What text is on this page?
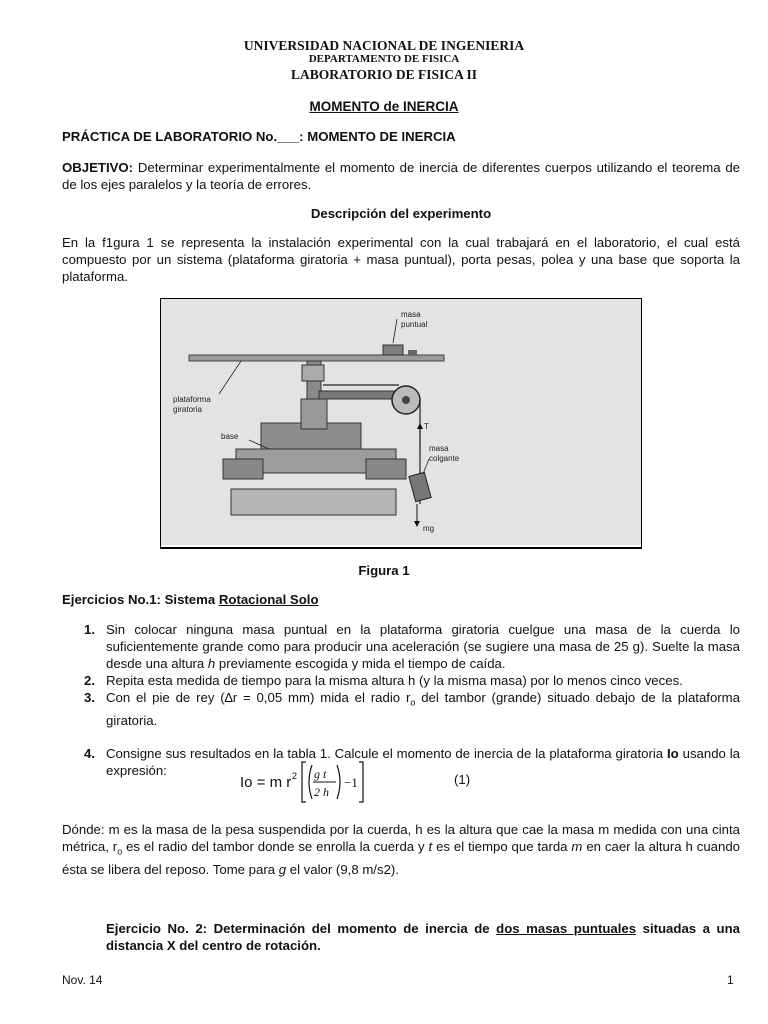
UNIVERSIDAD NACIONAL DE INGENIERIA
DEPARTAMENTO DE FISICA
LABORATORIO DE FISICA II
MOMENTO de INERCIA
PRÁCTICA DE LABORATORIO No.___: MOMENTO DE INERCIA
OBJETIVO: Determinar experimentalmente el momento de inercia de diferentes cuerpos utilizando el teorema de de los ejes paralelos y la teoría de errores.
Descripción del experimento
En la f1gura 1 se representa la instalación experimental con la cual trabajará en el laboratorio, el cual está compuesto por un sistema (plataforma giratoria + masa puntual), porta pesas, polea y una base que soporta la plataforma.
masa
puntual
plataforma
giratoria
base
masa
colgante
T
mg
Figura 1
Ejercicios No.1: Sistema Rotacional Solo
1. Sin colocar ninguna masa puntual en la plataforma giratoria cuelgue una masa de la cuerda lo suficientemente grande como para producir una aceleración (se sugiere una masa de 25 g). Suelte la masa desde una altura h previamente escogida y mida el tiempo de caída.
2. Repita esta medida de tiempo para la misma altura h (y la misma masa) por lo menos cinco veces.
3. Con el pie de rey (∆r = 0,05 mm) mida el radio $r_o$ del tambor (grande) situado debajo de la plataforma giratoria.
4. Consigne sus resultados en la tabla 1. Calcule el momento de inercia de la plataforma giratoria Io usando la expresión:
Io = m r 2 g t
2 h
−1	(1)
Dónde: m es la masa de la pesa suspendida por la cuerda, h es la altura que cae la masa m medida con una cinta métrica, $r_o$ es el radio del tambor donde se enrolla la cuerda y t es el tiempo que tarda m en caer la altura h cuando ésta se libera del reposo. Tome para g el valor (9,8 m/s2).
Ejercicio No. 2: Determinación del momento de inercia de dos masas puntuales situadas a una distancia X del centro de rotación.
Nov. 14	1
